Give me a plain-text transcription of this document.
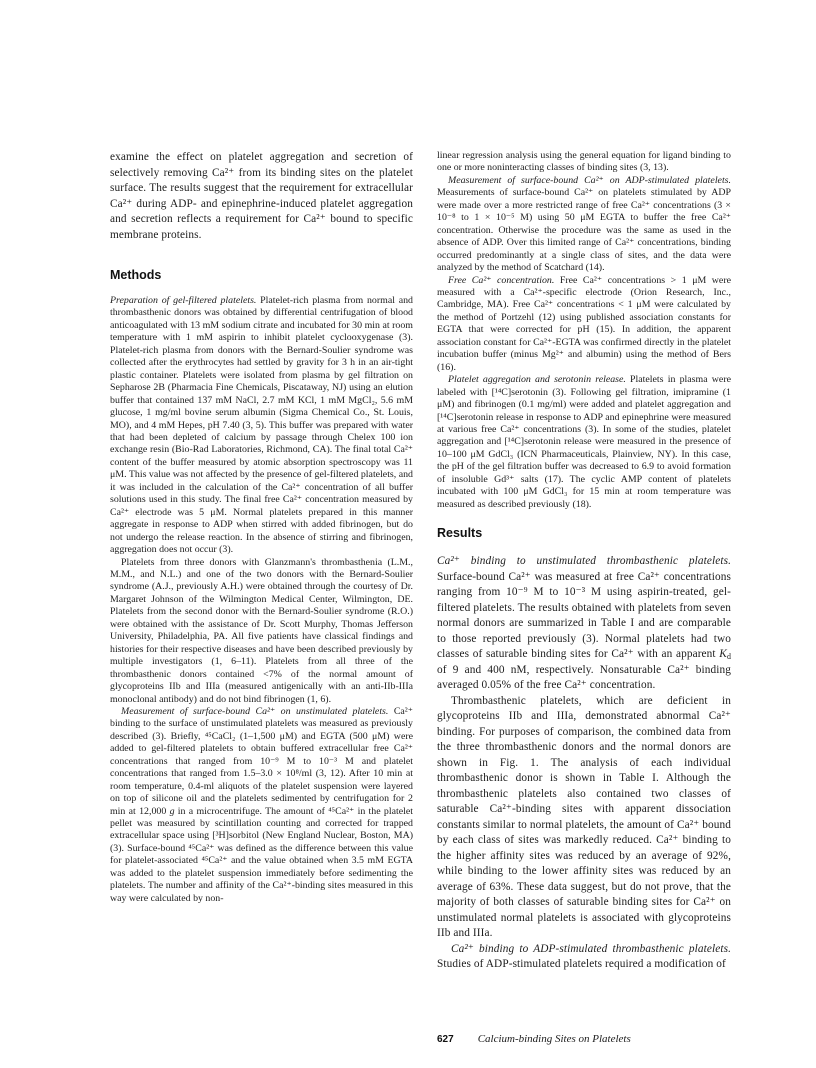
examine the effect on platelet aggregation and secretion of selectively removing Ca²⁺ from its binding sites on the platelet surface. The results suggest that the requirement for extracellular Ca²⁺ during ADP- and epinephrine-induced platelet aggregation and secretion reflects a requirement for Ca²⁺ bound to specific membrane proteins.

Methods

Preparation of gel-filtered platelets. Platelet-rich plasma from normal and thrombasthenic donors was obtained by differential centrifugation of blood anticoagulated with 13 mM sodium citrate and incubated for 30 min at room temperature with 1 mM aspirin to inhibit platelet cyclooxygenase (3). Platelet-rich plasma from donors with the Bernard-Soulier syndrome was collected after the erythrocytes had settled by gravity for 3 h in an air-tight plastic container. Platelets were isolated from plasma by gel filtration on Sepharose 2B (Pharmacia Fine Chemicals, Piscataway, NJ) using an elution buffer that contained 137 mM NaCl, 2.7 mM KCl, 1 mM MgCl₂, 5.6 mM glucose, 1 mg/ml bovine serum albumin (Sigma Chemical Co., St. Louis, MO), and 4 mM Hepes, pH 7.40 (3, 5). This buffer was prepared with water that had been depleted of calcium by passage through Chelex 100 ion exchange resin (Bio-Rad Laboratories, Richmond, CA). The final total Ca²⁺ content of the buffer measured by atomic absorption spectroscopy was 11 μM. This value was not affected by the presence of gel-filtered platelets, and it was included in the calculation of the Ca²⁺ concentration of all buffer solutions used in this study. The final free Ca²⁺ concentration measured by Ca²⁺ electrode was 5 μM. Normal platelets prepared in this manner aggregate in response to ADP when stirred with added fibrinogen, but do not undergo the release reaction. In the absence of stirring and fibrinogen, aggregation does not occur (3).

Platelets from three donors with Glanzmann's thrombasthenia (L.M., M.M., and N.L.) and one of the two donors with the Bernard-Soulier syndrome (A.J., previously A.H.) were obtained through the courtesy of Dr. Margaret Johnson of the Wilmington Medical Center, Wilmington, DE. Platelets from the second donor with the Bernard-Soulier syndrome (R.O.) were obtained with the assistance of Dr. Scott Murphy, Thomas Jefferson University, Philadelphia, PA. All five patients have classical findings and histories for their respective diseases and have been described previously by multiple investigators (1, 6–11). Platelets from all three of the thrombasthenic donors contained <7% of the normal amount of glycoproteins IIb and IIIa (measured antigenically with an anti-IIb-IIIa monoclonal antibody) and do not bind fibrinogen (1, 6).

Measurement of surface-bound Ca²⁺ on unstimulated platelets. Ca²⁺ binding to the surface of unstimulated platelets was measured as previously described (3). Briefly, ⁴⁵CaCl₂ (1–1,500 μM) and EGTA (500 μM) were added to gel-filtered platelets to obtain buffered extracellular free Ca²⁺ concentrations that ranged from 10⁻⁹ M to 10⁻³ M and platelet concentrations that ranged from 1.5–3.0 × 10⁸/ml (3, 12). After 10 min at room temperature, 0.4-ml aliquots of the platelet suspension were layered on top of silicone oil and the platelets sedimented by centrifugation for 2 min at 12,000 g in a microcentrifuge. The amount of ⁴⁵Ca²⁺ in the platelet pellet was measured by scintillation counting and corrected for trapped extracellular space using [³H]sorbitol (New England Nuclear, Boston, MA) (3). Surface-bound ⁴⁵Ca²⁺ was defined as the difference between this value for platelet-associated ⁴⁵Ca²⁺ and the value obtained when 3.5 mM EGTA was added to the platelet suspension immediately before sedimenting the platelets. The number and affinity of the Ca²⁺-binding sites measured in this way were calculated by non-

linear regression analysis using the general equation for ligand binding to one or more noninteracting classes of binding sites (3, 13).

Measurement of surface-bound Ca²⁺ on ADP-stimulated platelets. Measurements of surface-bound Ca²⁺ on platelets stimulated by ADP were made over a more restricted range of free Ca²⁺ concentrations (3 × 10⁻⁸ to 1 × 10⁻⁵ M) using 50 μM EGTA to buffer the free Ca²⁺ concentration. Otherwise the procedure was the same as used in the absence of ADP. Over this limited range of Ca²⁺ concentrations, binding occurred predominantly at a single class of sites, and the data were analyzed by the method of Scatchard (14).

Free Ca²⁺ concentration. Free Ca²⁺ concentrations > 1 μM were measured with a Ca²⁺-specific electrode (Orion Research, Inc., Cambridge, MA). Free Ca²⁺ concentrations < 1 μM were calculated by the method of Portzehl (12) using published association constants for EGTA that were corrected for pH (15). In addition, the apparent association constant for Ca²⁺-EGTA was confirmed directly in the platelet incubation buffer (minus Mg²⁺ and albumin) using the method of Bers (16).

Platelet aggregation and serotonin release. Platelets in plasma were labeled with [¹⁴C]serotonin (3). Following gel filtration, imipramine (1 μM) and fibrinogen (0.1 mg/ml) were added and platelet aggregation and [¹⁴C]serotonin release in response to ADP and epinephrine were measured at various free Ca²⁺ concentrations (3). In some of the studies, platelet aggregation and [¹⁴C]serotonin release were measured in the presence of 10–100 μM GdCl₃ (ICN Pharmaceuticals, Plainview, NY). In this case, the pH of the gel filtration buffer was decreased to 6.9 to avoid formation of insoluble Gd³⁺ salts (17). The cyclic AMP content of platelets incubated with 100 μM GdCl₃ for 15 min at room temperature was measured as described previously (18).

Results

Ca²⁺ binding to unstimulated thrombasthenic platelets. Surface-bound Ca²⁺ was measured at free Ca²⁺ concentrations ranging from 10⁻⁹ M to 10⁻³ M using aspirin-treated, gel-filtered platelets. The results obtained with platelets from seven normal donors are summarized in Table I and are comparable to those reported previously (3). Normal platelets had two classes of saturable binding sites for Ca²⁺ with an apparent $K_d$ of 9 and 400 nM, respectively. Nonsaturable Ca²⁺ binding averaged 0.05% of the free Ca²⁺ concentration.

Thrombasthenic platelets, which are deficient in glycoproteins IIb and IIIa, demonstrated abnormal Ca²⁺ binding. For purposes of comparison, the combined data from the three thrombasthenic donors and the normal donors are shown in Fig. 1. The analysis of each individual thrombasthenic donor is shown in Table I. Although the thrombasthenic platelets also contained two classes of saturable Ca²⁺-binding sites with apparent dissociation constants similar to normal platelets, the amount of Ca²⁺ bound by each class of sites was markedly reduced. Ca²⁺ binding to the higher affinity sites was reduced by an average of 92%, while binding to the lower affinity sites was reduced by an average of 63%. These data suggest, but do not prove, that the majority of both classes of saturable binding sites for Ca²⁺ on unstimulated normal platelets is associated with glycoproteins IIb and IIIa.

Ca²⁺ binding to ADP-stimulated thrombasthenic platelets. Studies of ADP-stimulated platelets required a modification of

627 Calcium-binding Sites on Platelets
